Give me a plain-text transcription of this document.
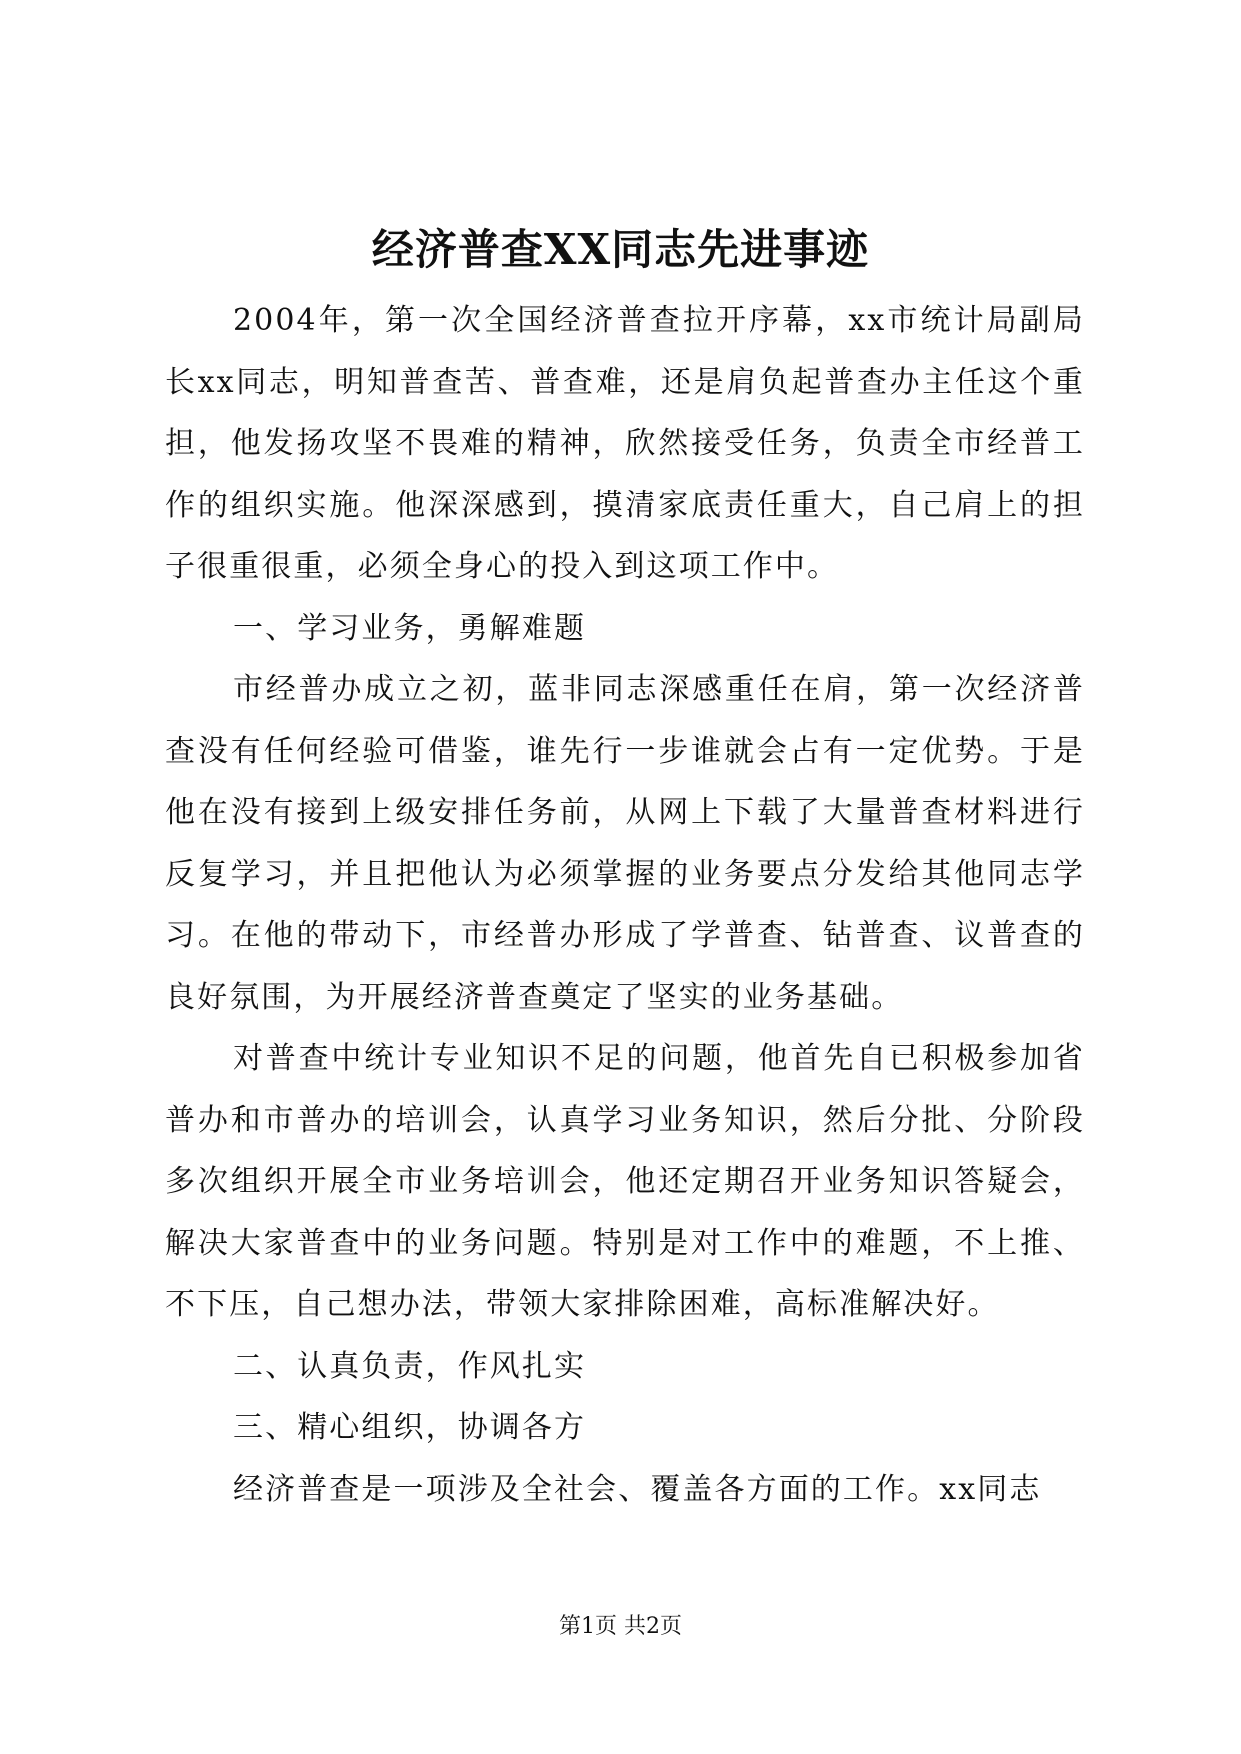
经济普查XX同志先进事迹

2004年，第一次全国经济普查拉开序幕，xx市统计局副局长xx同志，明知普查苦、普查难，还是肩负起普查办主任这个重担，他发扬攻坚不畏难的精神，欣然接受任务，负责全市经普工作的组织实施。他深深感到，摸清家底责任重大，自己肩上的担子很重很重，必须全身心的投入到这项工作中。

一、学习业务，勇解难题

市经普办成立之初，蓝非同志深感重任在肩，第一次经济普查没有任何经验可借鉴，谁先行一步谁就会占有一定优势。于是他在没有接到上级安排任务前，从网上下载了大量普查材料进行反复学习，并且把他认为必须掌握的业务要点分发给其他同志学习。在他的带动下，市经普办形成了学普查、钻普查、议普查的良好氛围，为开展经济普查奠定了坚实的业务基础。

对普查中统计专业知识不足的问题，他首先自已积极参加省普办和市普办的培训会，认真学习业务知识，然后分批、分阶段多次组织开展全市业务培训会，他还定期召开业务知识答疑会，解决大家普查中的业务问题。特别是对工作中的难题，不上推、不下压，自己想办法，带领大家排除困难，高标准解决好。

二、认真负责，作风扎实

三、精心组织，协调各方

经济普查是一项涉及全社会、覆盖各方面的工作。xx同志

第1页 共2页
